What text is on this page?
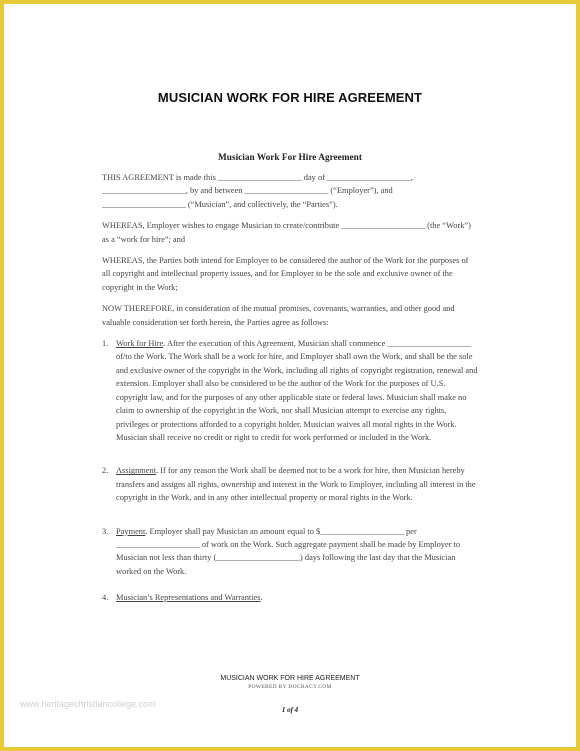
MUSICIAN WORK FOR HIRE AGREEMENT
Musician Work For Hire Agreement

THIS AGREEMENT is made this ____________________ day of ____________________, ____________________, by and between ____________________ (“Employer”), and ____________________ (“Musician”, and collectively, the “Parties”).

WHEREAS, Employer wishes to engage Musician to create/contribute ____________________ (the “Work”) as a “work for hire”; and

WHEREAS, the Parties both intend for Employer to be considered the author of the Work for the purposes of all copyright and intellectual property issues, and for Employer to be the sole and exclusive owner of the copyright in the Work;

NOW THEREFORE, in consideration of the mutual promises, covenants, warranties, and other good and valuable consideration set forth herein, the Parties agree as follows:

1. Work for Hire. After the execution of this Agreement, Musician shall commence ____________________ of/to the Work. The Work shall be a work for hire, and Employer shall own the Work, and shall be the sole and exclusive owner of the copyright in the Work, including all rights of copyright registration, renewal and extension. Employer shall also be considered to be the author of the Work for the purposes of U.S. copyright law, and for the purposes of any other applicable state or federal laws. Musician shall make no claim to ownership of the copyright in the Work, nor shall Musician attempt to exercise any rights, privileges or protections afforded to a copyright holder. Musician waives all moral rights in the Work. Musician shall receive no credit or right to credit for work performed or included in the Work.
2. Assignment. If for any reason the Work shall be deemed not to be a work for hire, then Musician hereby transfers and assigns all rights, ownership and interest in the Work to Employer, including all interest in the copyright in the Work, and in any other intellectual property or moral rights in the Work.
3. Payment. Employer shall pay Musician an amount equal to $____________________ per ____________________ of work on the Work. Such aggregate payment shall be made by Employer to Musician not less than thirty (____________________) days following the last day that the Musician worked on the Work.
4. Musician’s Representations and Warranties.
MUSICIAN WORK FOR HIRE AGREEMENT
POWERED BY DOCRACY.COM
www.heritagechristiancollege.com
1 of 4
